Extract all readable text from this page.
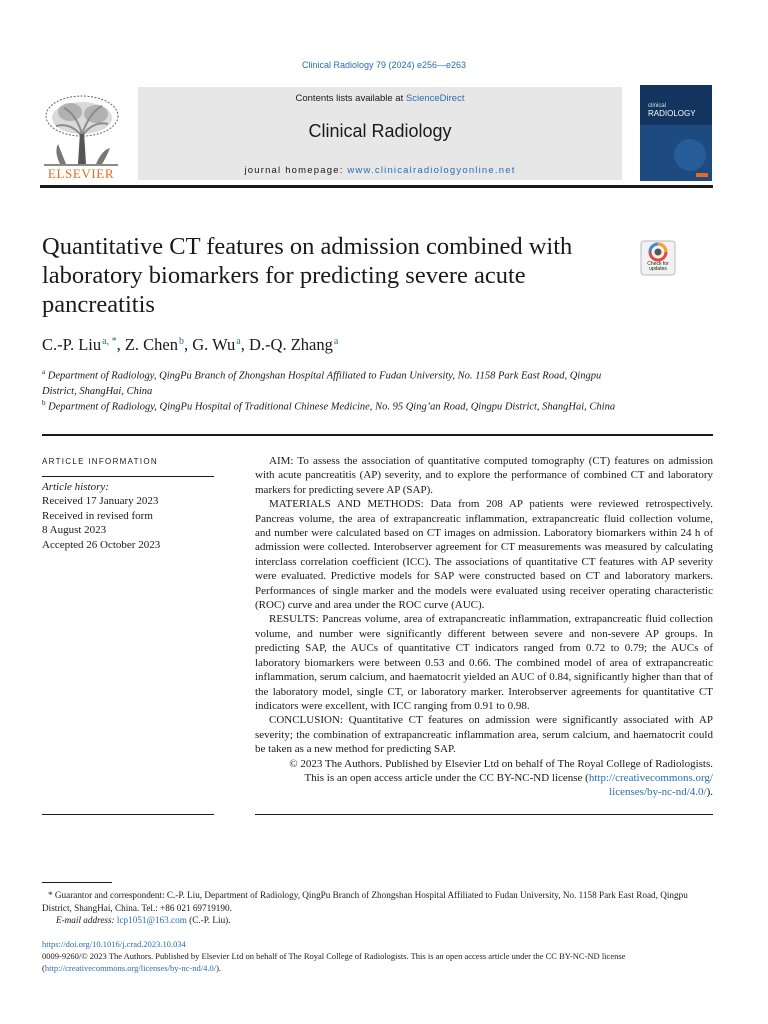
Clinical Radiology 79 (2024) e256—e263
ELSEVIER
Contents lists available at ScienceDirect
Clinical Radiology
journal homepage: www.clinicalradiologyonline.net
clinical
RADIOLOGY
Check for updates
Quantitative CT features on admission combined with laboratory biomarkers for predicting severe acute pancreatitis
C.-P. Liu$^{a, *}$, Z. Chen$^b$, G. Wu$^a$, D.-Q. Zhang$^a$
$^a$ Department of Radiology, QingPu Branch of Zhongshan Hospital Affiliated to Fudan University, No. 1158 Park East Road, Qingpu District, ShangHai, China
$^b$ Department of Radiology, QingPu Hospital of Traditional Chinese Medicine, No. 95 Qing’an Road, Qingpu District, ShangHai, China
ARTICLE INFORMATION
Article history:
Received 17 January 2023
Received in revised form
8 August 2023
Accepted 26 October 2023

AIM: To assess the association of quantitative computed tomography (CT) features on admission with acute pancreatitis (AP) severity, and to explore the performance of combined CT and laboratory markers for predicting severe AP (SAP).

MATERIALS AND METHODS: Data from 208 AP patients were reviewed retrospectively. Pancreas volume, the area of extrapancreatic inflammation, extrapancreatic fluid collection volume, and number were calculated based on CT images on admission. Laboratory biomarkers within 24 h of admission were collected. Interobserver agreement for CT measurements was measured by calculating interclass correlation coefficient (ICC). The associations of quantitative CT features with AP severity were evaluated. Predictive models for SAP were constructed based on CT and laboratory markers. Performances of single marker and the models were evaluated using receiver operating characteristic (ROC) curve and area under the ROC curve (AUC).

RESULTS: Pancreas volume, area of extrapancreatic inflammation, extrapancreatic fluid collection volume, and number were significantly different between severe and non-severe AP groups. In predicting SAP, the AUCs of quantitative CT indicators ranged from 0.72 to 0.79; the AUCs of laboratory biomarkers were between 0.53 and 0.66. The combined model of area of extrapancreatic inflammation, serum calcium, and haematocrit yielded an AUC of 0.84, significantly higher than that of the laboratory model, single CT, or laboratory marker. Interobserver agreements for quantitative CT indicators were excellent, with ICC ranging from 0.91 to 0.98.

CONCLUSION: Quantitative CT features on admission were significantly associated with AP severity; the combination of extrapancreatic inflammation area, serum calcium, and haematocrit could be taken as a new method for predicting SAP.

© 2023 The Authors. Published by Elsevier Ltd on behalf of The Royal College of Radiologists.

This is an open access article under the CC BY-NC-ND license (http://creativecommons.org/
licenses/by-nc-nd/4.0/).

* Guarantor and correspondent: C.-P. Liu, Department of Radiology, QingPu Branch of Zhongshan Hospital Affiliated to Fudan University, No. 1158 Park East Road, Qingpu District, ShangHai, China. Tel.: +86 021 69719190.
E-mail address: lcp1051@163.com (C.-P. Liu).
https://doi.org/10.1016/j.crad.2023.10.034
0009-9260/© 2023 The Authors. Published by Elsevier Ltd on behalf of The Royal College of Radiologists. This is an open access article under the CC BY-NC-ND license (http://creativecommons.org/licenses/by-nc-nd/4.0/).
